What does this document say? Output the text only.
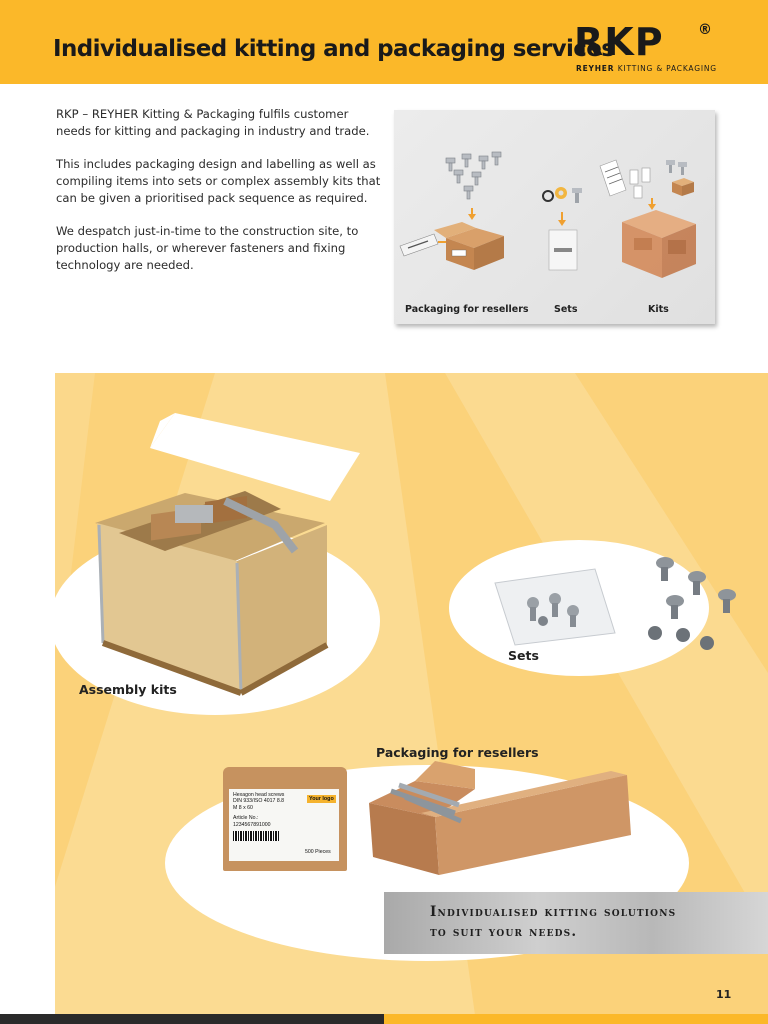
Individualised kitting and packaging services
RKP ®
REYHER KITTING & PACKAGING

RKP – REYHER Kitting & Packaging fulfils customer needs for kitting and packaging in industry and trade.

This includes packaging design and labelling as well as compiling items into sets or complex assembly kits that can be given a prioritised pack sequence as required.

We despatch just-in-time to the construction site, to production halls, or wherever fasteners and fixing technology are needed.

Packaging for resellers	Sets	Kits
Hexagon head screws
DIN 933/ISO 4017 8.8
M 8 x 60
Your logo
Article No.:
1234567891000
500 Pieces
Assembly kits
Sets
Packaging for resellers
Individualised kitting solutions
to suit your needs.
11
